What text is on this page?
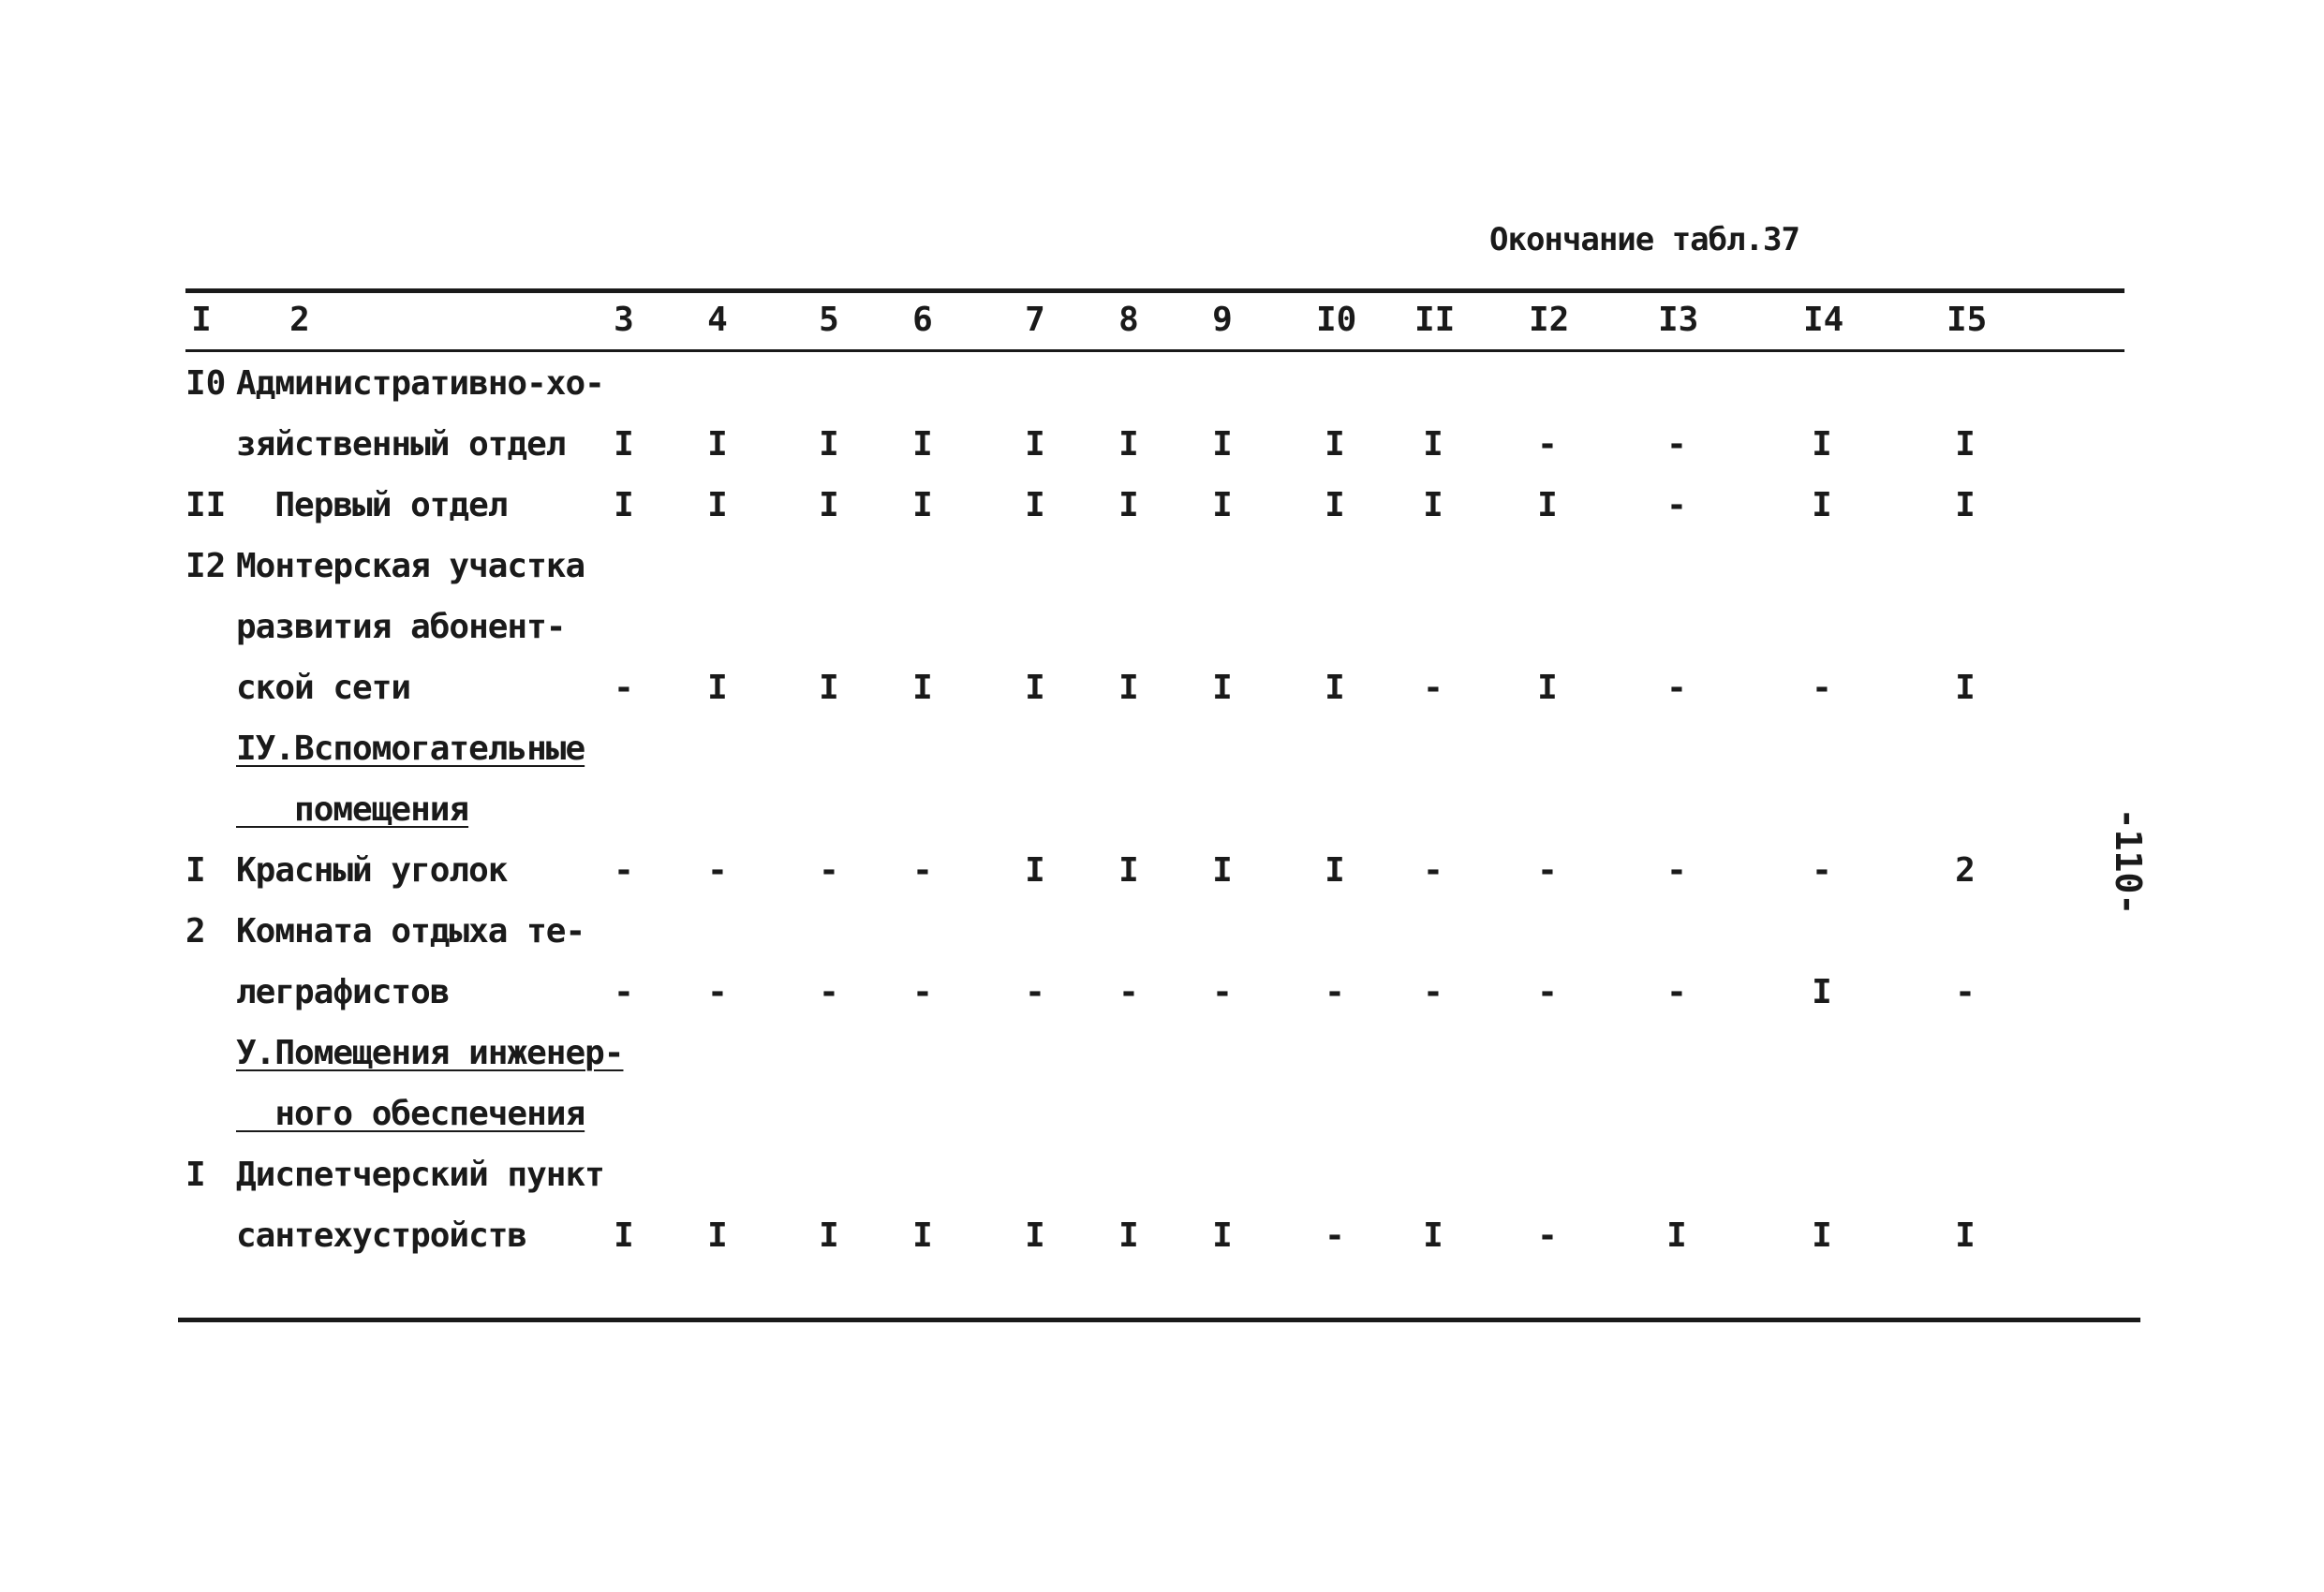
Окончание табл.37
I 2	3 4	5 6	7 8 9 I0 II I2	I3	I4	I5
I0 Административно-хо-
зяйственный отдел I I	I I	I I I	I I	-	-	I	I
II Первый отдел	I I	I I	I I I	I I	I	-	I	I
I2 Монтерская участка
развития абонент-
ской сети	- I	I I	I I I	I -	I	-	-	I
IУ.Вспомогательные
помещения
I Красный уголок	- -	- -	I I I	I -	-	-	-	2
2 Комната отдыха те-
леграфистов	- -	- -	- - -	- -	-	-	I	-
У.Помещения инженер-
ного обеспечения
I Диспетчерский пункт
сантехустройств	I I	I I	I I I	- I	-	I	I	I
-110-
